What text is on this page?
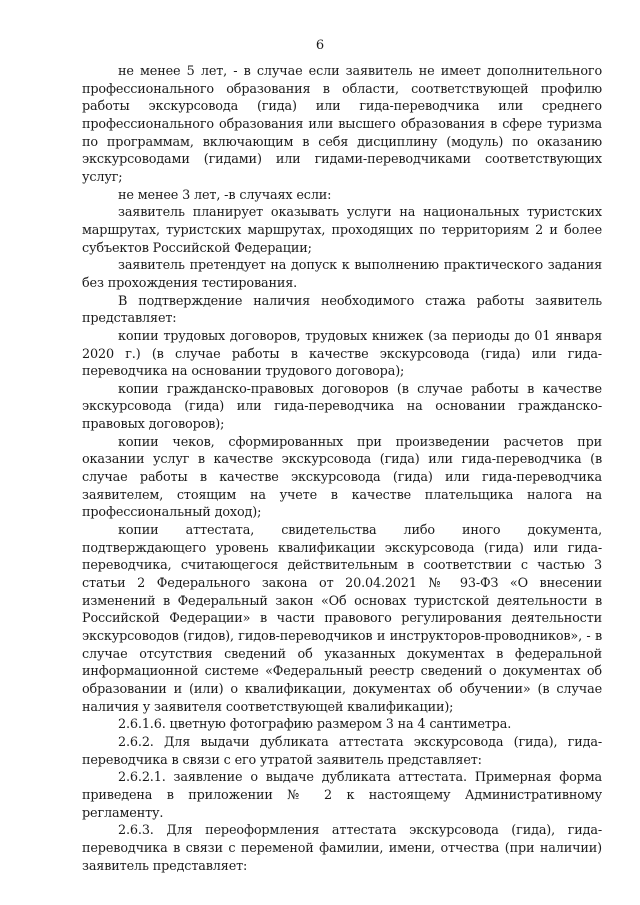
6

не менее 5 лет, - в случае если заявитель не имеет дополнительного профессионального образования в области, соответствующей профилю работы экскурсовода (гида) или гида-переводчика или среднего профессионального образования или высшего образования в сфере туризма по программам, включающим в себя дисциплину (модуль) по оказанию экскурсоводами (гидами) или гидами-переводчиками соответствующих услуг;

не менее 3 лет, -в случаях если:

заявитель планирует оказывать услуги на национальных туристских маршрутах, туристских маршрутах, проходящих по территориям 2 и более субъектов Российской Федерации;

заявитель претендует на допуск к выполнению практического задания без прохождения тестирования.

В подтверждение наличия необходимого стажа работы заявитель представляет:

копии трудовых договоров, трудовых книжек (за периоды до 01 января 2020 г.) (в случае работы в качестве экскурсовода (гида) или гида-переводчика на основании трудового договора);

копии гражданско-правовых договоров (в случае работы в качестве экскурсовода (гида) или гида-переводчика на основании гражданско-правовых договоров);

копии чеков, сформированных при произведении расчетов при оказании услуг в качестве экскурсовода (гида) или гида-переводчика (в случае работы в качестве экскурсовода (гида) или гида-переводчика заявителем, стоящим на учете в качестве плательщика налога на профессиональный доход);

копии аттестата, свидетельства либо иного документа, подтверждающего уровень квалификации экскурсовода (гида) или гида-переводчика, считающегося действительным в соответствии с частью 3 статьи 2 Федерального закона от 20.04.2021 № 93-ФЗ «О внесении изменений в Федеральный закон «Об основах туристской деятельности в Российской Федерации» в части правового регулирования деятельности экскурсоводов (гидов), гидов-переводчиков и инструкторов-проводников», - в случае отсутствия сведений об указанных документах в федеральной информационной системе «Федеральный реестр сведений о документах об образовании и (или) о квалификации, документах об обучении» (в случае наличия у заявителя соответствующей квалификации);

2.6.1.6. цветную фотографию размером 3 на 4 сантиметра.

2.6.2. Для выдачи дубликата аттестата экскурсовода (гида), гида-переводчика в связи с его утратой заявитель представляет:

2.6.2.1. заявление о выдаче дубликата аттестата. Примерная форма приведена в приложении № 2 к настоящему Административному регламенту.

2.6.3. Для переоформления аттестата экскурсовода (гида), гида-переводчика в связи с переменой фамилии, имени, отчества (при наличии) заявитель представляет:
